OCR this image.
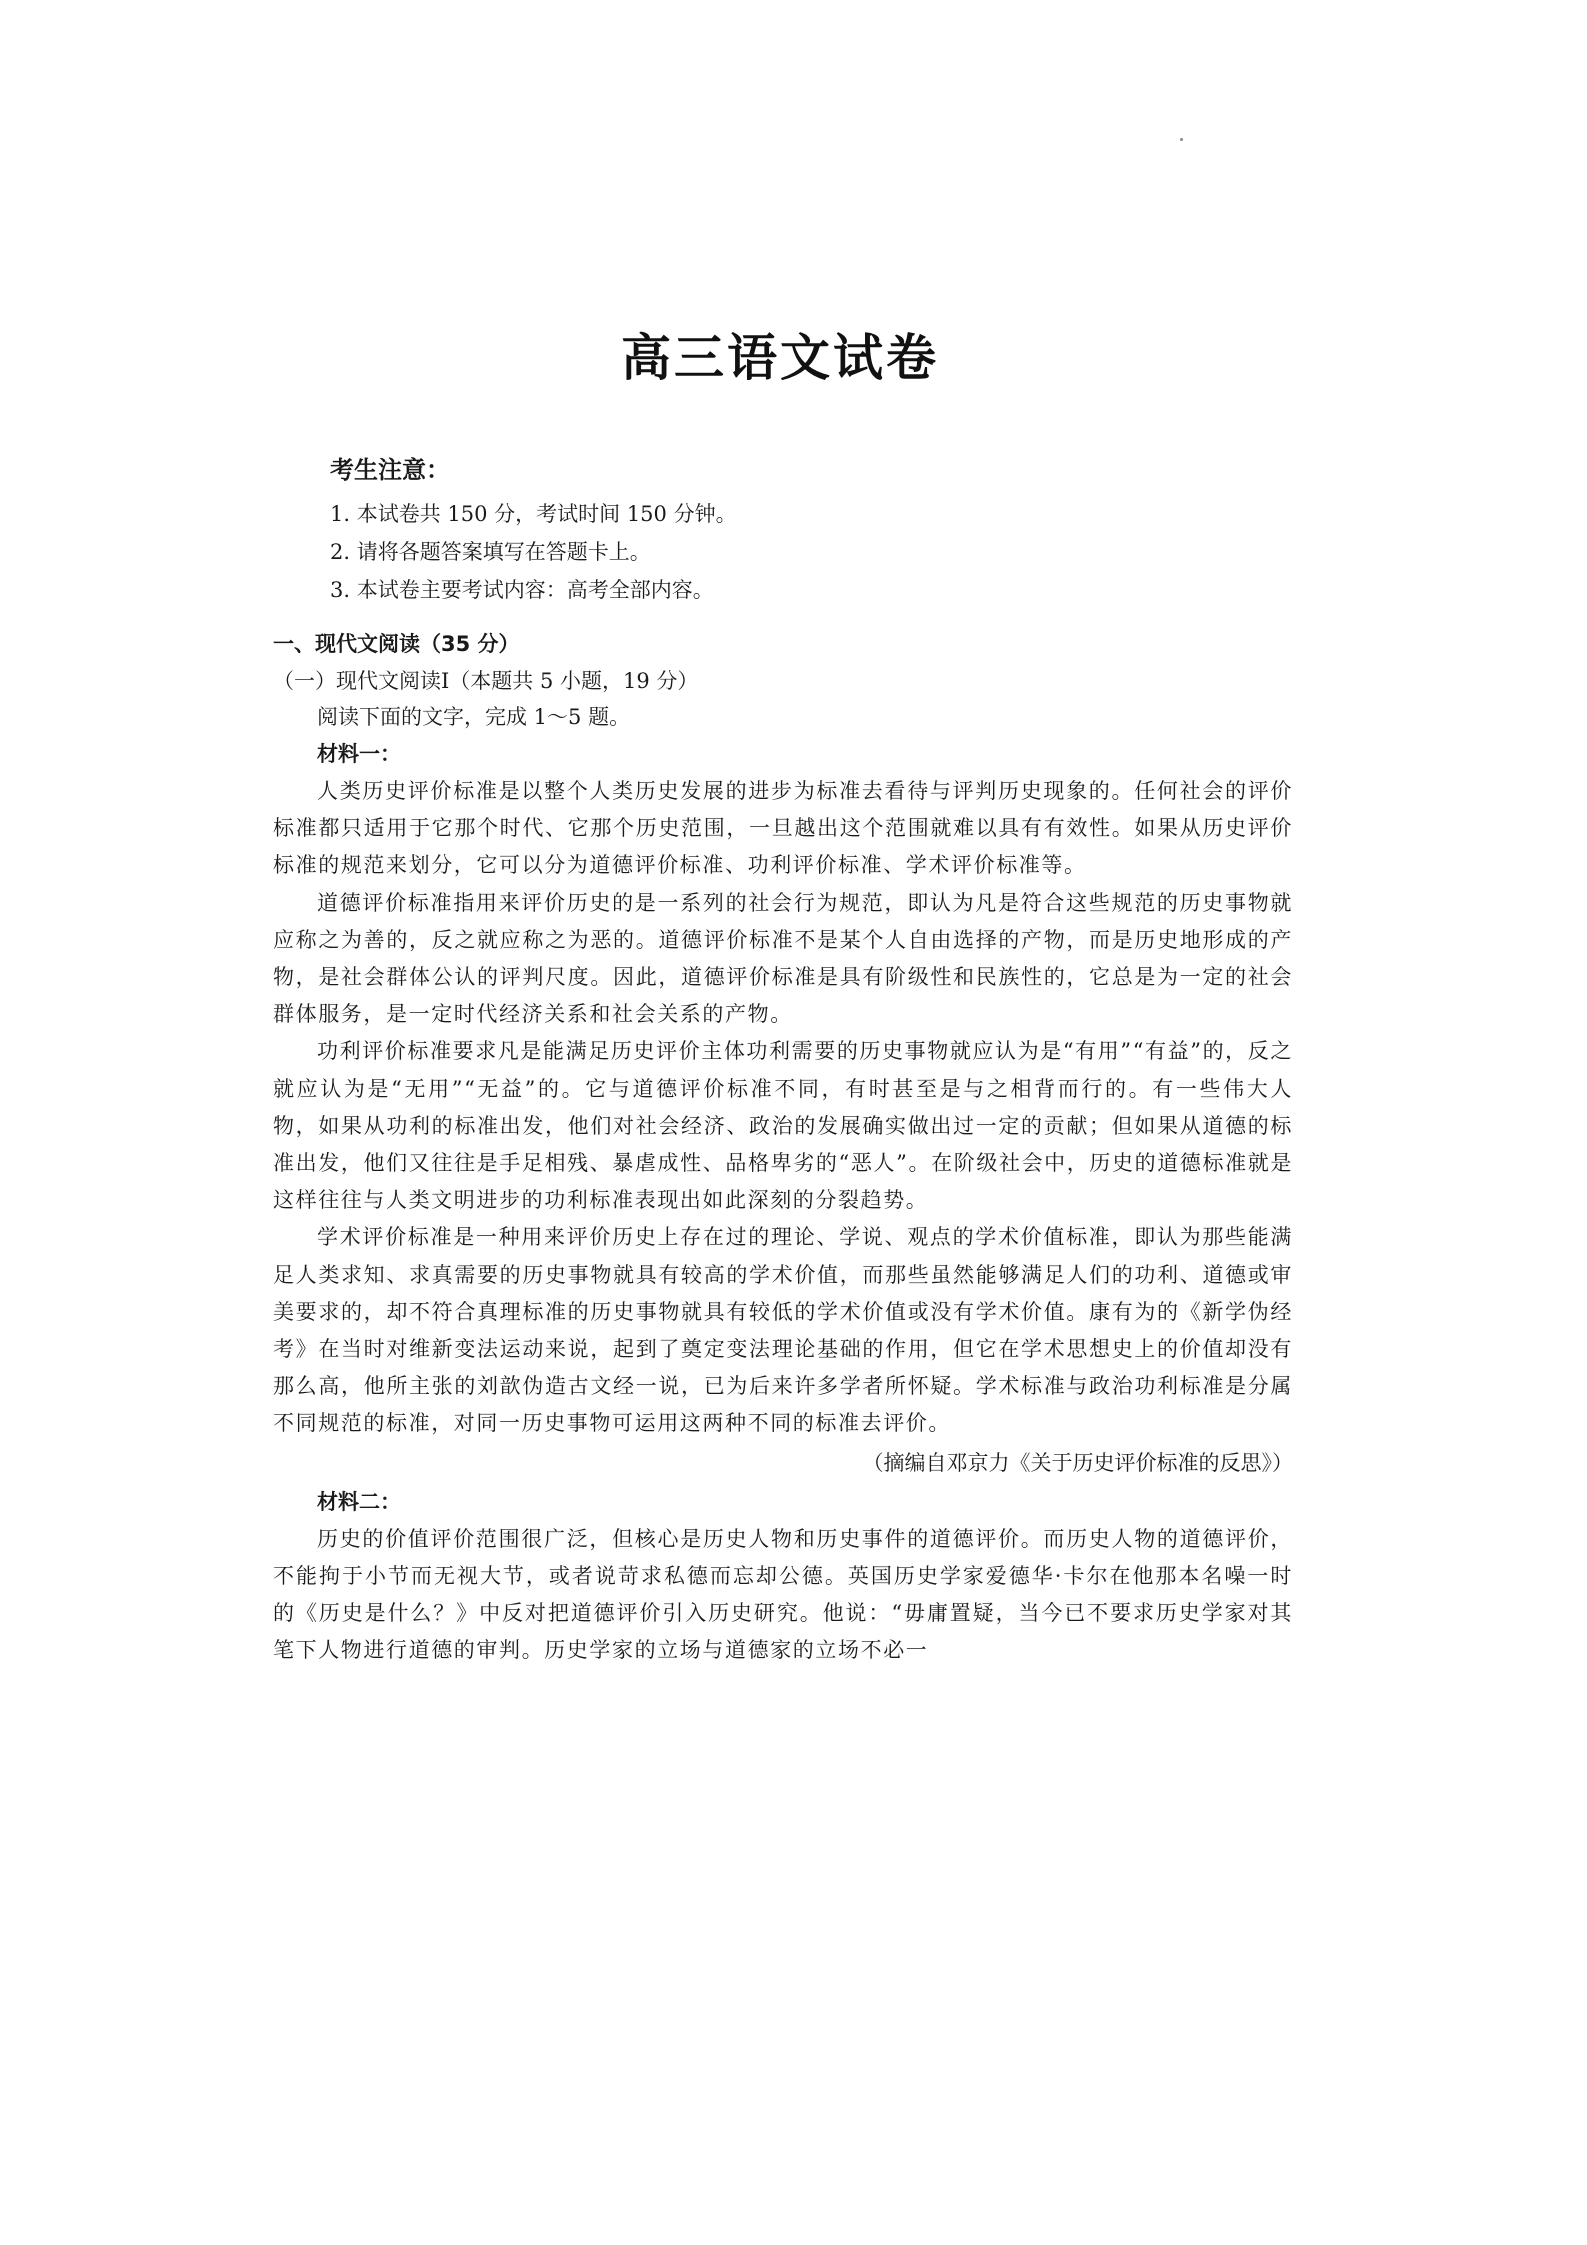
高三语文试卷
考生注意：
1. 本试卷共 150 分，考试时间 150 分钟。
2. 请将各题答案填写在答题卡上。
3. 本试卷主要考试内容：高考全部内容。
一、现代文阅读（35 分）
（一）现代文阅读Ⅰ（本题共 5 小题，19 分）
阅读下面的文字，完成 1～5 题。
材料一：

人类历史评价标准是以整个人类历史发展的进步为标准去看待与评判历史现象的。任何社会的评价标准都只适用于它那个时代、它那个历史范围，一旦越出这个范围就难以具有有效性。如果从历史评价标准的规范来划分，它可以分为道德评价标准、功利评价标准、学术评价标准等。

道德评价标准指用来评价历史的是一系列的社会行为规范，即认为凡是符合这些规范的历史事物就应称之为善的，反之就应称之为恶的。道德评价标准不是某个人自由选择的产物，而是历史地形成的产物，是社会群体公认的评判尺度。因此，道德评价标准是具有阶级性和民族性的，它总是为一定的社会群体服务，是一定时代经济关系和社会关系的产物。

功利评价标准要求凡是能满足历史评价主体功利需要的历史事物就应认为是“有用”“有益”的，反之就应认为是“无用”“无益”的。它与道德评价标准不同，有时甚至是与之相背而行的。有一些伟大人物，如果从功利的标准出发，他们对社会经济、政治的发展确实做出过一定的贡献；但如果从道德的标准出发，他们又往往是手足相残、暴虐成性、品格卑劣的“恶人”。在阶级社会中，历史的道德标准就是这样往往与人类文明进步的功利标准表现出如此深刻的分裂趋势。

学术评价标准是一种用来评价历史上存在过的理论、学说、观点的学术价值标准，即认为那些能满足人类求知、求真需要的历史事物就具有较高的学术价值，而那些虽然能够满足人们的功利、道德或审美要求的，却不符合真理标准的历史事物就具有较低的学术价值或没有学术价值。康有为的《新学伪经考》在当时对维新变法运动来说，起到了奠定变法理论基础的作用，但它在学术思想史上的价值却没有那么高，他所主张的刘歆伪造古文经一说，已为后来许多学者所怀疑。学术标准与政治功利标准是分属不同规范的标准，对同一历史事物可运用这两种不同的标准去评价。

（摘编自邓京力《关于历史评价标准的反思》）
材料二：

历史的价值评价范围很广泛，但核心是历史人物和历史事件的道德评价。而历史人物的道德评价，不能拘于小节而无视大节，或者说苛求私德而忘却公德。英国历史学家爱德华·卡尔在他那本名噪一时的《历史是什么？》中反对把道德评价引入历史研究。他说：“毋庸置疑，当今已不要求历史学家对其笔下人物进行道德的审判。历史学家的立场与道德家的立场不必一
